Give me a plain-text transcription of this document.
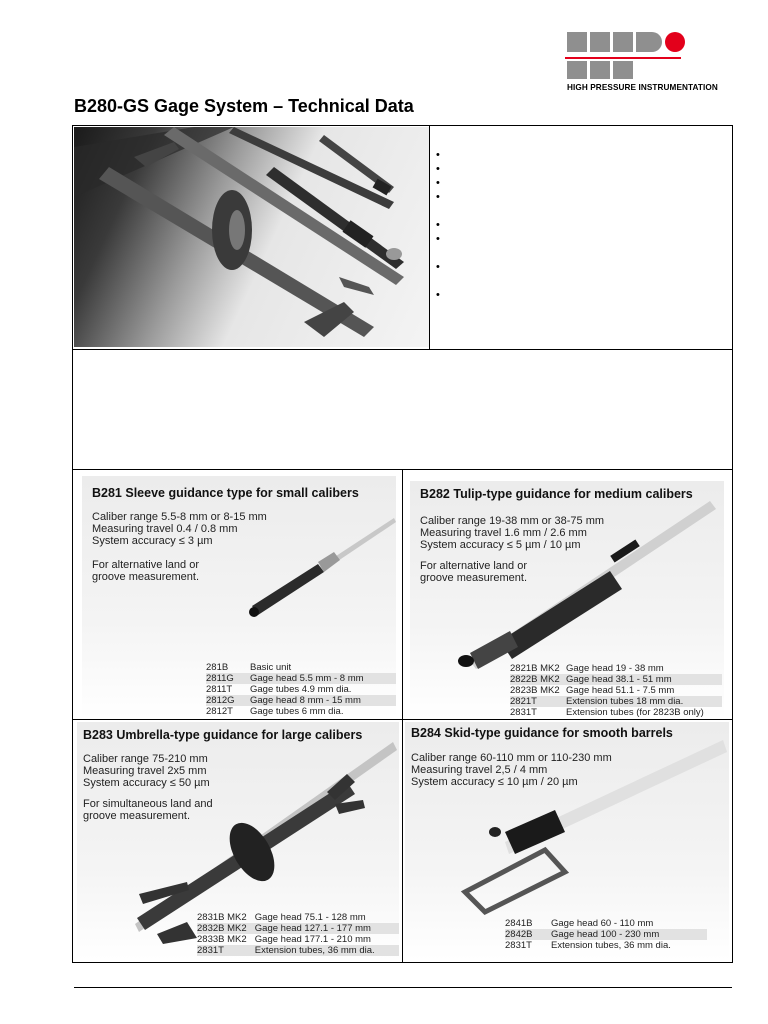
HIGH PRESSURE INSTRUMENTATION
B280-GS Gage System – Technical Data
•
•
•
•
•
•
•
•
B281 Sleeve guidance type for small calibers
Caliber range 5.5-8 mm or 8-15 mm
Measuring travel 0.4 / 0.8 mm
System accuracy ≤ 3 µm
For alternative land or
groove measurement.
281B	Basic unit
2811G	Gage head 5.5 mm - 8 mm
2811T	Gage tubes 4.9 mm dia.
2812G	Gage head 8 mm - 15 mm
2812T	Gage tubes 6 mm dia.
B282 Tulip-type guidance for medium calibers
Caliber range 19-38 mm or 38-75 mm
Measuring travel 1.6 mm / 2.6 mm
System accuracy ≤ 5 µm / 10 µm
For alternative land or
groove measurement.
2821B MK2	Gage head 19 - 38 mm
2822B MK2	Gage head 38.1 - 51 mm
2823B MK2	Gage head 51.1 - 7.5 mm
2821T	Extension tubes 18 mm dia.
2831T	Extension tubes (for 2823B only)
B283 Umbrella-type guidance for large calibers
Caliber range 75-210 mm
Measuring travel 2x5 mm
System accuracy ≤ 50 µm
For simultaneous land and
groove measurement.
2831B MK2	Gage head 75.1 - 128 mm
2832B MK2	Gage head 127.1 - 177 mm
2833B MK2	Gage head 177.1 - 210 mm
2831T	Extension tubes, 36 mm dia.
B284 Skid-type guidance for smooth barrels
Caliber range 60-110 mm or 110-230 mm
Measuring travel 2,5 / 4 mm
System accuracy ≤ 10 µm / 20 µm
2841B	Gage head 60 - 110 mm
2842B	Gage head 100 - 230 mm
2831T	Extension tubes, 36 mm dia.
